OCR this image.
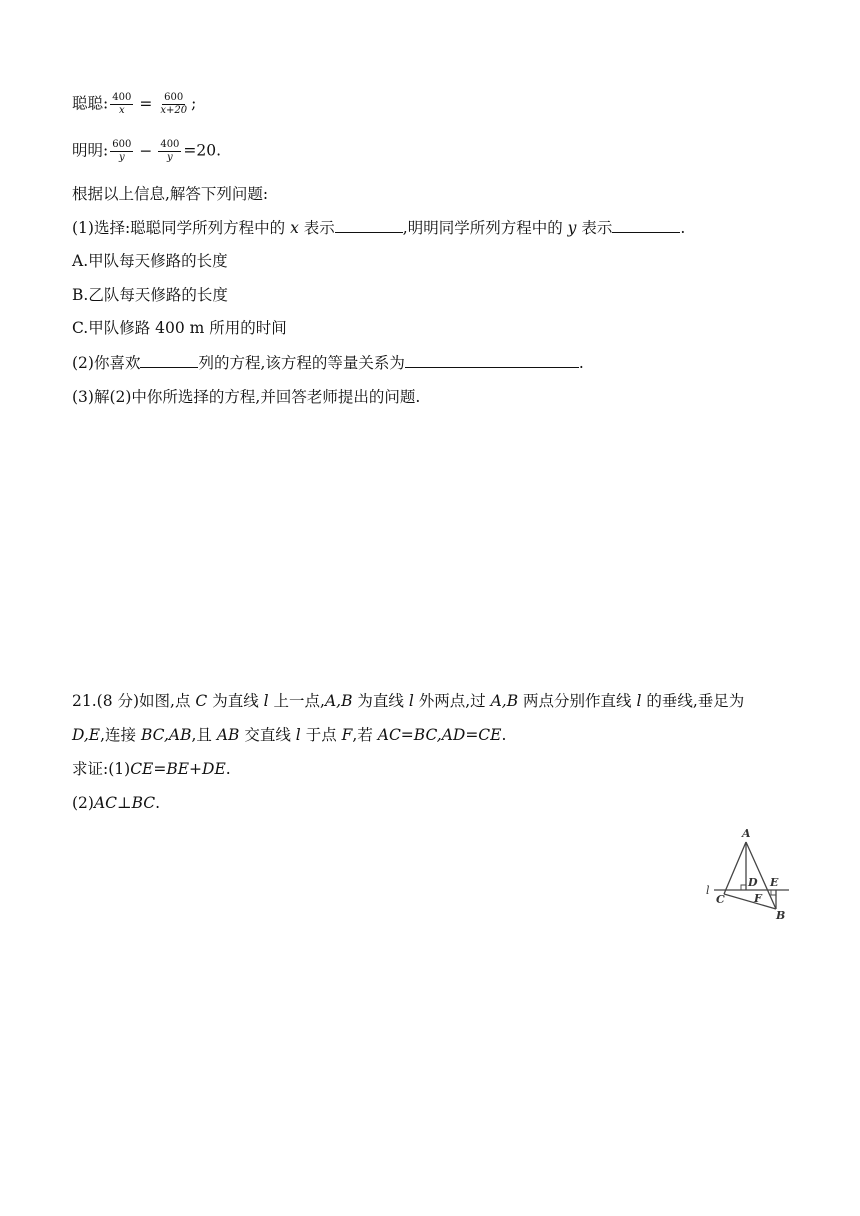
聪聪: $\frac{400}{x} = \frac{600}{x+20}$ ;
明明: $\frac{600}{y} - \frac{400}{y} =20$.
根据以上信息,解答下列问题:
(1)选择:聪聪同学所列方程中的 x 表示	,明明同学所列方程中的 y 表示	.
A.甲队每天修路的长度
B.乙队每天修路的长度
C.甲队修路 400 m 所用的时间
(2)你喜欢	列的方程,该方程的等量关系为	.
(3)解(2)中你所选择的方程,并回答老师提出的问题.
21.(8 分)如图,点 C 为直线 l 上一点,A,B 为直线 l 外两点,过 A,B 两点分别作直线 l 的垂线,垂足为
D,E,连接 BC,AB,且 AB 交直线 l 于点 F,若 AC=BC,AD=CE.
求证:(1)CE=BE+DE.
(2)AC⊥BC.
A
l
C
D E
F
B
